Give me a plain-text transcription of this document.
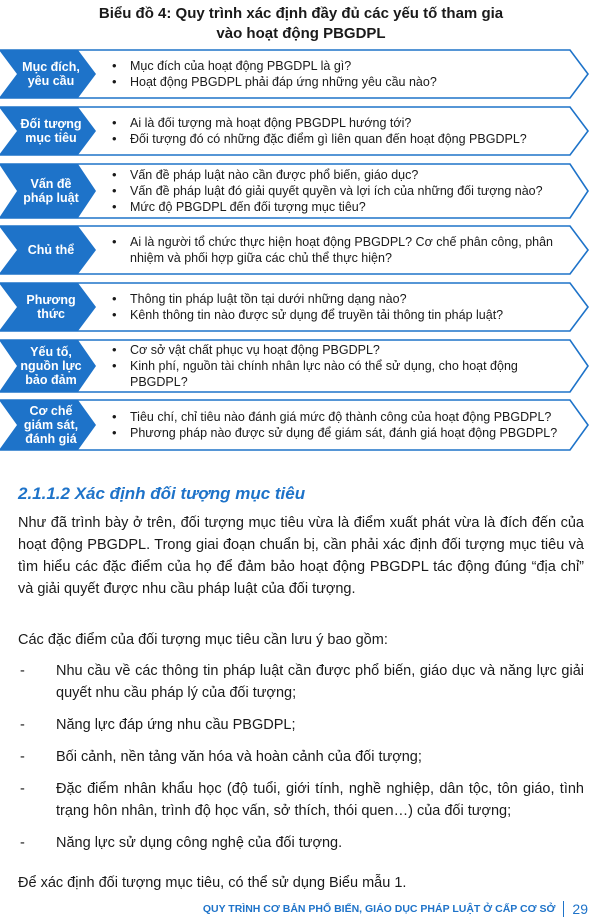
Biểu đồ 4: Quy trình xác định đầy đủ các yếu tố tham gia
vào hoạt động PBGDPL
Mục đích, yêu cầu
• Mục đích của hoạt động PBGDPL là gì?
• Hoạt động PBGDPL phải đáp ứng những yêu cầu nào?
Đối tượng mục tiêu
• Ai là đối tượng mà hoạt động PBGDPL hướng tới?
• Đối tượng đó có những đặc điểm gì liên quan đến hoạt động PBGDPL?
Vấn đề pháp luật
• Vấn đề pháp luật nào cần được phổ biến, giáo dục?
• Vấn đề pháp luật đó giải quyết quyền và lợi ích của những đối tượng nào?
• Mức độ PBGDPL đến đối tượng mục tiêu?
Chủ thể
• Ai là người tổ chức thực hiện hoạt động PBGDPL? Cơ chế phân công, phân nhiệm và phối hợp giữa các chủ thể thực hiện?
Phương thức
• Thông tin pháp luật tồn tại dưới những dạng nào?
• Kênh thông tin nào được sử dụng để truyền tải thông tin pháp luật?
Yếu tố, nguồn lực bảo đảm
• Cơ sở vật chất phục vụ hoạt động PBGDPL?
• Kinh phí, nguồn tài chính nhân lực nào có thể sử dụng, cho hoạt động PBGDPL?
Cơ chế giám sát, đánh giá
• Tiêu chí, chỉ tiêu nào đánh giá mức độ thành công của hoạt động PBGDPL?
• Phương pháp nào được sử dụng để giám sát, đánh giá hoạt động PBGDPL?
2.1.1.2 Xác định đối tượng mục tiêu

Như đã trình bày ở trên, đối tượng mục tiêu vừa là điểm xuất phát vừa là đích đến của hoạt động PBGDPL. Trong giai đoạn chuẩn bị, cần phải xác định đối tượng mục tiêu và tìm hiểu các đặc điểm của họ để đảm bảo hoạt động PBGDPL tác động đúng “địa chỉ” và giải quyết được nhu cầu pháp luật của đối tượng.

Các đặc điểm của đối tượng mục tiêu cần lưu ý bao gồm:

- Nhu cầu về các thông tin pháp luật cần được phổ biến, giáo dục và năng lực giải quyết nhu cầu pháp lý của đối tượng;
- Năng lực đáp ứng nhu cầu PBGDPL;
- Bối cảnh, nền tảng văn hóa và hoàn cảnh của đối tượng;
- Đặc điểm nhân khẩu học (độ tuổi, giới tính, nghề nghiệp, dân tộc, tôn giáo, tình trạng hôn nhân, trình độ học vấn, sở thích, thói quen…) của đối tượng;
- Năng lực sử dụng công nghệ của đối tượng.

Để xác định đối tượng mục tiêu, có thể sử dụng Biểu mẫu 1.

QUY TRÌNH CƠ BẢN PHỔ BIẾN, GIÁO DỤC PHÁP LUẬT Ở CẤP CƠ SỞ 29
